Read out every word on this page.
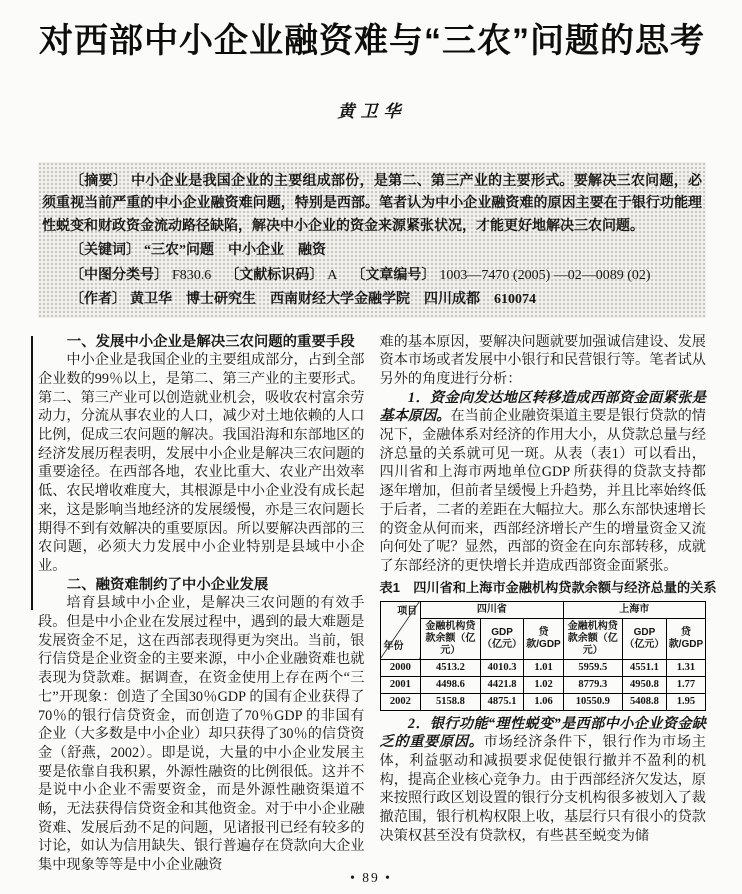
对西部中小企业融资难与“三农”问题的思考
黄卫华

〔摘要〕 中小企业是我国企业的主要组成部份，是第二、第三产业的主要形式。要解决三农问题，必须重视当前严重的中小企业融资难问题，特别是西部。笔者认为中小企业融资难的原因主要在于银行功能理性蜕变和财政资金流动路径缺陷，解决中小企业的资金来源紧张状况，才能更好地解决三农问题。

〔关键词〕 “三农”问题　中小企业　融资

〔中图分类号〕 F830.6 〔文献标识码〕 A 〔文章编号〕 1003—7470 (2005) —02—0089 (02)

〔作者〕 黄卫华　博士研究生　西南财经大学金融学院　四川成都　610074

一、发展中小企业是解决三农问题的重要手段

中小企业是我国企业的主要组成部分，占到全部企业数的99％以上，是第二、第三产业的主要形式。第二、第三产业可以创造就业机会，吸收农村富余劳动力，分流从事农业的人口，减少对土地依赖的人口比例，促成三农问题的解决。我国沿海和东部地区的经济发展历程表明，发展中小企业是解决三农问题的重要途径。在西部各地，农业比重大、农业产出效率低、农民增收难度大，其根源是中小企业没有成长起来，这是影响当地经济的发展缓慢，亦是三农问题长期得不到有效解决的重要原因。所以要解决西部的三农问题，必须大力发展中小企业特别是县域中小企业。

二、融资难制约了中小企业发展

培育县域中小企业，是解决三农问题的有效手段。但是中小企业在发展过程中，遇到的最大难题是发展资金不足，这在西部表现得更为突出。当前，银行信贷是企业资金的主要来源，中小企业融资难也就表现为贷款难。据调查，在资金使用上存在两个“三七”开现象：创造了全国30％GDP 的国有企业获得了70％的银行信贷资金，而创造了70％GDP 的非国有企业（大多数是中小企业）却只获得了30％的信贷资金（舒燕，2002）。即是说，大量的中小企业发展主要是依靠自我积累，外源性融资的比例很低。这并不是说中小企业不需要资金，而是外源性融资渠道不畅，无法获得信贷资金和其他资金。对于中小企业融资难、发展后劲不足的问题，见诸报刊已经有较多的讨论，如认为信用缺失、银行普遍存在贷款向大企业集中现象等等是中小企业融资

难的基本原因，要解决问题就要加强诚信建设、发展资本市场或者发展中小银行和民营银行等。笔者试从另外的角度进行分析：

1．资金向发达地区转移造成西部资金面紧张是基本原因。在当前企业融资渠道主要是银行贷款的情况下，金融体系对经济的作用大小，从贷款总量与经济总量的关系就可见一斑。从表（表1）可以看出，四川省和上海市两地单位GDP 所获得的贷款支持都逐年增加，但前者呈缓慢上升趋势，并且比率始终低于后者，二者的差距在大幅拉大。那么东部快速增长的资金从何而来，西部经济增长产生的增量资金又流向何处了呢？显然，西部的资金在向东部转移，成就了东部经济的更快增长并造成西部资金面紧张。

表1　四川省和上海市金融机构贷款余额与经济总量的关系
项目
年份	四川省			上海市		
	金融机构贷款余额（亿元）	GDP（亿元）	贷款/GDP	金融机构贷款余额（亿元）	GDP（亿元）	贷款/GDP
2000	4513.2	4010.3	1.01	5959.5	4551.1	1.31
2001	4498.6	4421.8	1.02	8779.3	4950.8	1.77
2002	5158.8	4875.1	1.06	10550.9	5408.8	1.95

2．银行功能“理性蜕变”是西部中小企业资金缺乏的重要原因。市场经济条件下，银行作为市场主体，利益驱动和减损要求促使银行撤并不盈利的机构，提高企业核心竞争力。由于西部经济欠发达，原来按照行政区划设置的银行分支机构很多被划入了裁撤范围，银行机构权限上收，基层行只有很小的贷款决策权甚至没有贷款权，有些甚至蜕变为储

• 89 •
